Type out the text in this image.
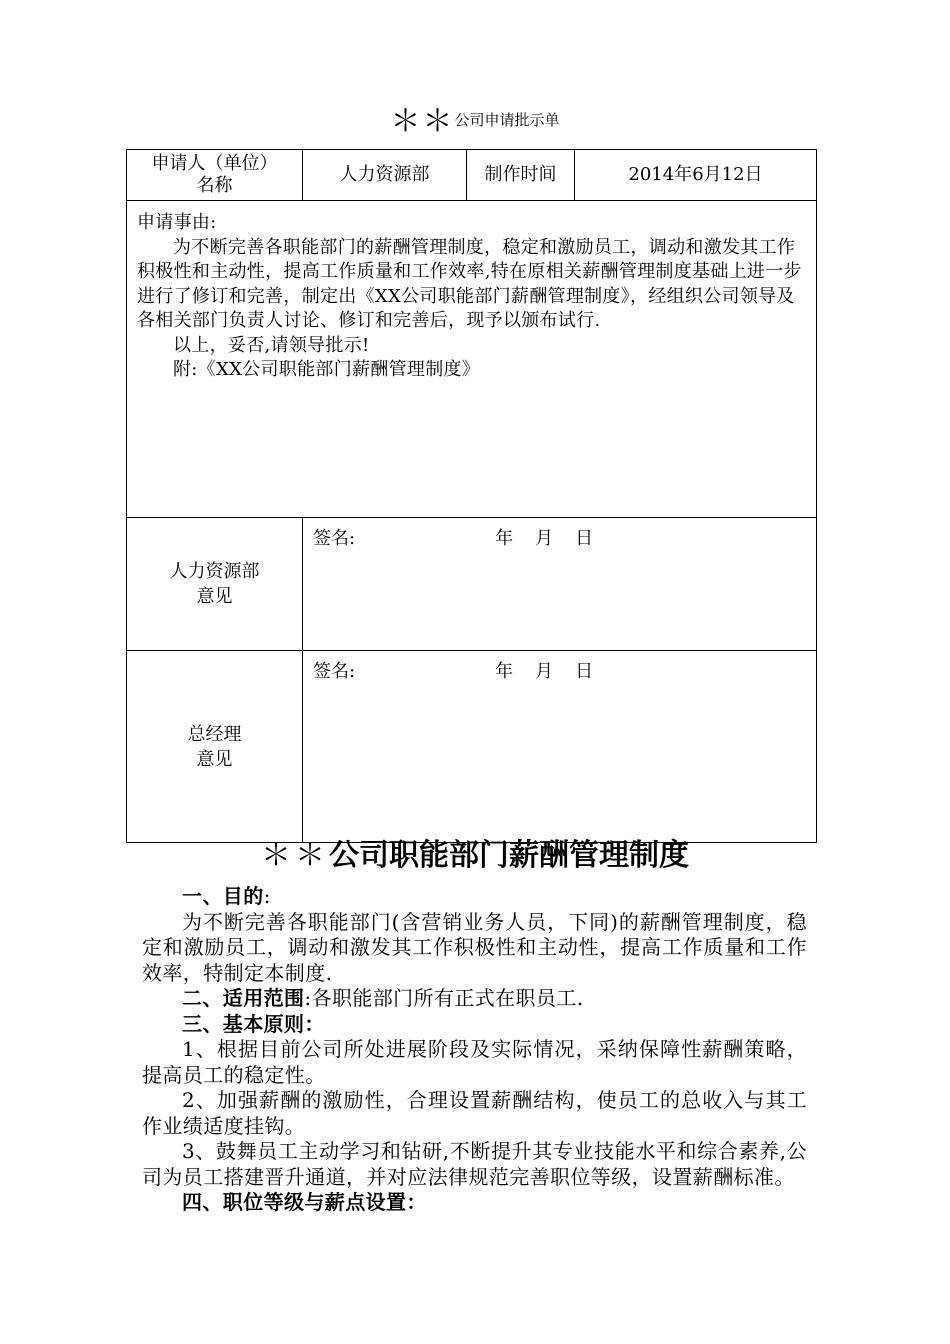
＊＊公司申请批示单
申请人（单位）
名称	人力资源部	制作时间	2014年6月12日

申请事由:

为不断完善各职能部门的薪酬管理制度，稳定和激励员工，调动和激发其工作积极性和主动性，提高工作质量和工作效率,特在原相关薪酬管理制度基础上进一步进行了修订和完善，制定出《XX公司职能部门薪酬管理制度》，经组织公司领导及各相关部门负责人讨论、修订和完善后，现予以颁布试行.

以上，妥否,请领导批示!

附:《XX公司职能部门薪酬管理制度》			

人力资源部
意见	签名: 年 月 日		

总经理
意见	签名: 年 月 日		
＊＊公司职能部门薪酬管理制度

一、目的:

为不断完善各职能部门(含营销业务人员，下同)的薪酬管理制度，稳定和激励员工，调动和激发其工作积极性和主动性，提高工作质量和工作效率，特制定本制度.

二、适用范围:各职能部门所有正式在职员工.

三、基本原则：

1、根据目前公司所处进展阶段及实际情况，采纳保障性薪酬策略，提高员工的稳定性。

2、加强薪酬的激励性，合理设置薪酬结构，使员工的总收入与其工作业绩适度挂钩。

3、鼓舞员工主动学习和钻研,不断提升其专业技能水平和综合素养,公司为员工搭建晋升通道，并对应法律规范完善职位等级，设置薪酬标准。

四、职位等级与薪点设置：
